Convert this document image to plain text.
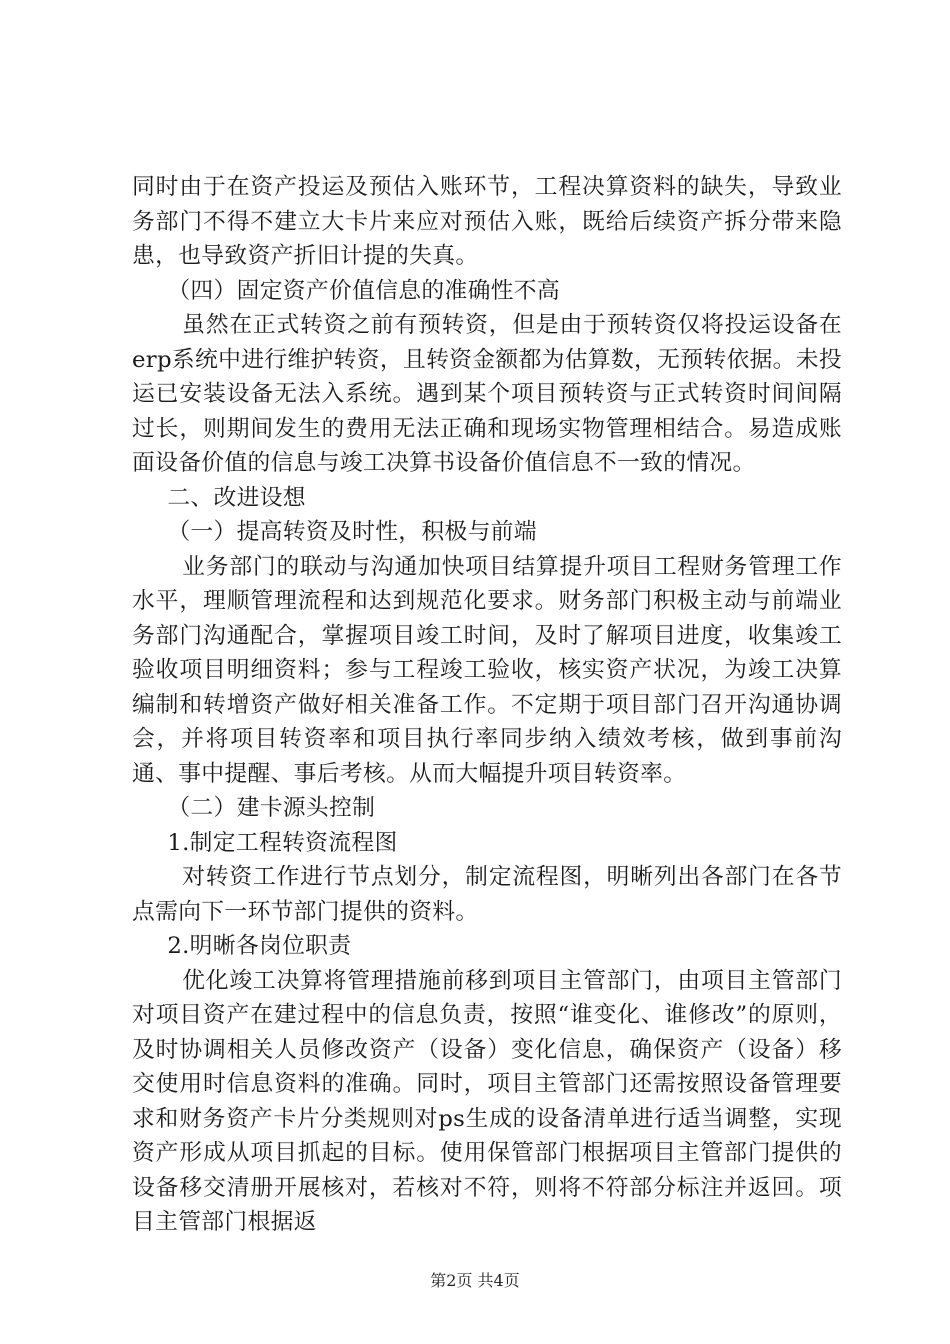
同时由于在资产投运及预估入账环节，工程决算资料的缺失，导致业务部门不得不建立大卡片来应对预估入账，既给后续资产拆分带来隐患，也导致资产折旧计提的失真。

（四）固定资产价值信息的准确性不高

虽然在正式转资之前有预转资，但是由于预转资仅将投运设备在erp系统中进行维护转资，且转资金额都为估算数，无预转依据。未投运已安装设备无法入系统。遇到某个项目预转资与正式转资时间间隔过长，则期间发生的费用无法正确和现场实物管理相结合。易造成账面设备价值的信息与竣工决算书设备价值信息不一致的情况。

二、改进设想

（一）提高转资及时性，积极与前端

业务部门的联动与沟通加快项目结算提升项目工程财务管理工作水平，理顺管理流程和达到规范化要求。财务部门积极主动与前端业务部门沟通配合，掌握项目竣工时间，及时了解项目进度，收集竣工验收项目明细资料；参与工程竣工验收，核实资产状况，为竣工决算编制和转增资产做好相关准备工作。不定期于项目部门召开沟通协调会，并将项目转资率和项目执行率同步纳入绩效考核，做到事前沟通、事中提醒、事后考核。从而大幅提升项目转资率。

（二）建卡源头控制

1.制定工程转资流程图

对转资工作进行节点划分，制定流程图，明晰列出各部门在各节点需向下一环节部门提供的资料。

2.明晰各岗位职责

优化竣工决算将管理措施前移到项目主管部门，由项目主管部门对项目资产在建过程中的信息负责，按照“谁变化、谁修改”的原则，及时协调相关人员修改资产（设备）变化信息，确保资产（设备）移交使用时信息资料的准确。同时，项目主管部门还需按照设备管理要求和财务资产卡片分类规则对ps生成的设备清单进行适当调整，实现资产形成从项目抓起的目标。使用保管部门根据项目主管部门提供的设备移交清册开展核对，若核对不符，则将不符部分标注并返回。项目主管部门根据返

第2页 共4页
